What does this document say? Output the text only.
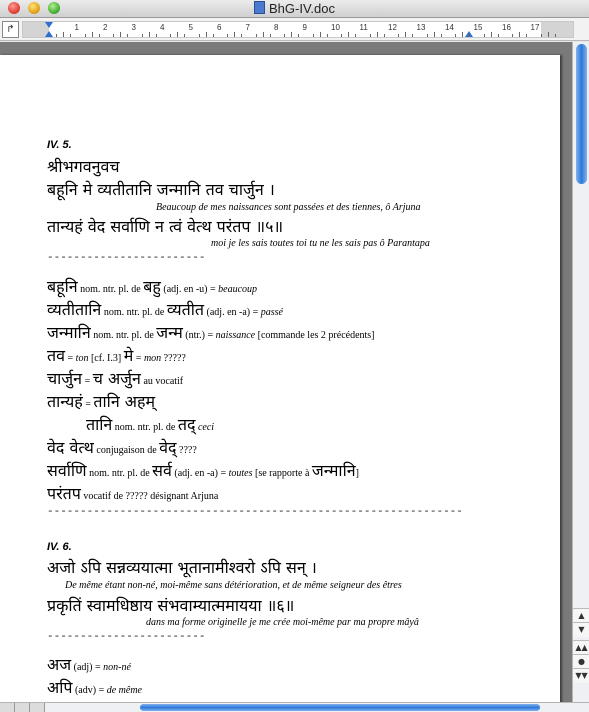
BhG-IV.doc
↱	1	2	3	4	5	6	7	8	9	10 11	12 13 14 15 16 17
IV. 5.
श्रीभगवनुवच
बहूनि मे व्यतीतानि जन्मानि तव चार्जुन ।
Beaucoup de mes naissances sont passées et des tiennes, ô Arjuna
तान्यहं वेद सर्वाणि न त्वं वेत्थ परंतप ॥५॥
moi je les sais toutes toi tu ne les sais pas ô Parantapa
------------------------
बहूनि nom. ntr. pl. de बहु (adj. en -u) = beaucoup
व्यतीतानि nom. ntr. pl. de व्यतीत (adj. en -a) = passé
जन्मानि nom. ntr. pl. de जन्म (ntr.) = naissance [commande les 2 précédents]
तव = ton [cf. I.3] मे = mon ?????
चार्जुन = च अर्जुन au vocatif
तान्यहं = तानि अहम्
तानि nom. ntr. pl. de तद् ceci
वेद वेत्थ conjugaison de वेद् ????
सर्वाणि nom. ntr. pl. de सर्व (adj. en -a) = toutes [se rapporte à जन्मानि]
परंतप vocatif de ????? désignant Arjuna
---------------------------------------------------------------
IV. 6.
अजो ऽपि सन्नव्ययात्मा भूतानामीश्वरो ऽपि सन् ।
De même étant non-né, moi-même sans détérioration, et de même seigneur des êtres
प्रकृतिं स्वामधिष्ठाय संभवाम्यात्ममायया ॥६॥
dans ma forme originelle je me crée moi-même par ma propre mâyâ
------------------------
अज (adj) = non-né
अपि (adv) = de même
▲
▼
▲▲
●
▼▼
